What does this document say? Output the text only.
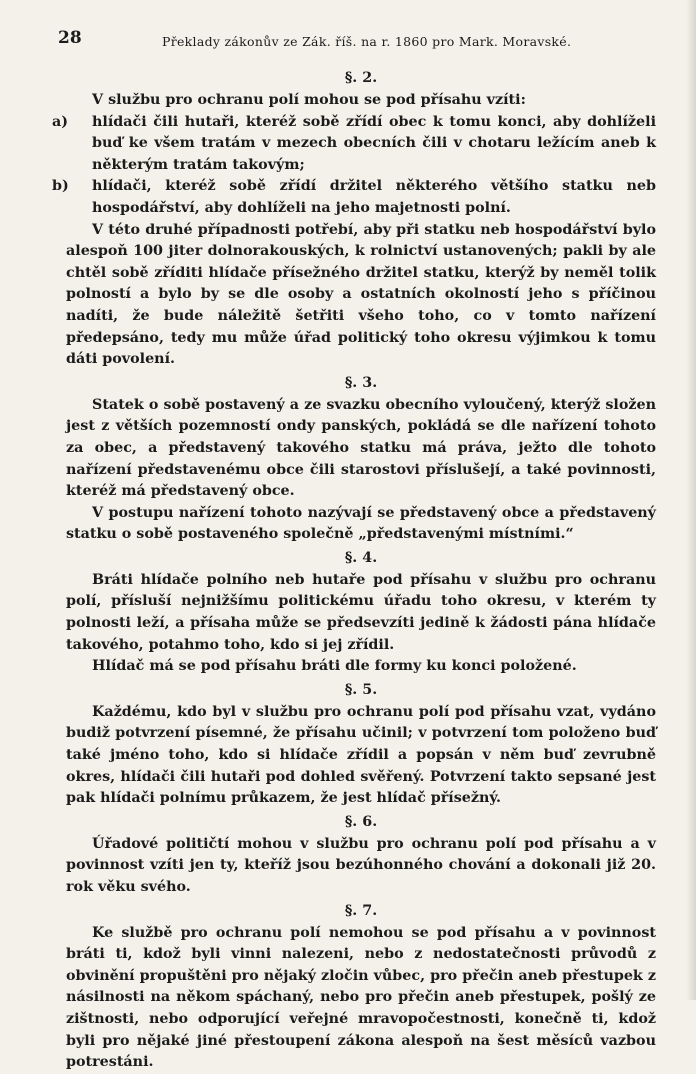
28	Překlady zákonův ze Zák. říš. na r. 1860 pro Mark. Moravské.

§. 2.

V službu pro ochranu polí mohou se pod přísahu vzíti:

a)	hlídači čili hutaři, kteréž sobě zřídí obec k tomu konci, aby dohlíželi buď ke všem tratám v mezech obecních čili v chotaru ležícím aneb k některým tratám takovým;
b)	hlídači, kteréž sobě zřídí držitel některého většího statku neb hospodářství, aby dohlíželi na jeho majetnosti polní.

V této druhé případnosti potřebí, aby při statku neb hospodářství bylo alespoň 100 jiter dolnorakouských, k rolnictví ustanovených; pakli by ale chtěl sobě zříditi hlídače přísežného držitel statku, kterýž by neměl tolik polností a bylo by se dle osoby a ostatních okolností jeho s příčinou nadíti, že bude náležitě šetřiti všeho toho, co v tomto nařízení předepsáno, tedy mu může úřad politický toho okresu výjimkou k tomu dáti povolení.

§. 3.

Statek o sobě postavený a ze svazku obecního vyloučený, kterýž složen jest z větších pozemností ondy panských, pokládá se dle nařízení tohoto za obec, a představený takového statku má práva, ježto dle tohoto nařízení představenému obce čili starostovi příslušejí, a také povinnosti, kteréž má představený obce.

V postupu nařízení tohoto nazývají se představený obce a představený statku o sobě postaveného společně „představenými místními.“

§. 4.

Bráti hlídače polního neb hutaře pod přísahu v službu pro ochranu polí, přísluší nejnižšímu politickému úřadu toho okresu, v kterém ty polnosti leží, a přísaha může se předsevzíti jedině k žádosti pána hlídače takového, potahmo toho, kdo si jej zřídil.

Hlídač má se pod přísahu bráti dle formy ku konci položené.

§. 5.

Každému, kdo byl v službu pro ochranu polí pod přísahu vzat, vydáno budiž potvrzení písemné, že přísahu učinil; v potvrzení tom položeno buď také jméno toho, kdo si hlídače zřídil a popsán v něm buď zevrubně okres, hlídači čili hutaři pod dohled svěřený. Potvrzení takto sepsané jest pak hlídači polnímu průkazem, že jest hlídač přísežný.

§. 6.

Úřadové političtí mohou v službu pro ochranu polí pod přísahu a v povinnost vzíti jen ty, kteříž jsou bezúhonného chování a dokonali již 20. rok věku svého.

§. 7.

Ke službě pro ochranu polí nemohou se pod přísahu a v povinnost bráti ti, kdož byli vinni nalezeni, nebo z nedostatečnosti průvodů z obvinění propuštěni pro nějaký zločin vůbec, pro přečin aneb přestupek z násilnosti na někom spáchaný, nebo pro přečin aneb přestupek, pošlý ze zištnosti, nebo odporující veřejné mravopočestnosti, konečně ti, kdož byli pro nějaké jiné přestoupení zákona alespoň na šest měsíců vazbou potrestáni.
